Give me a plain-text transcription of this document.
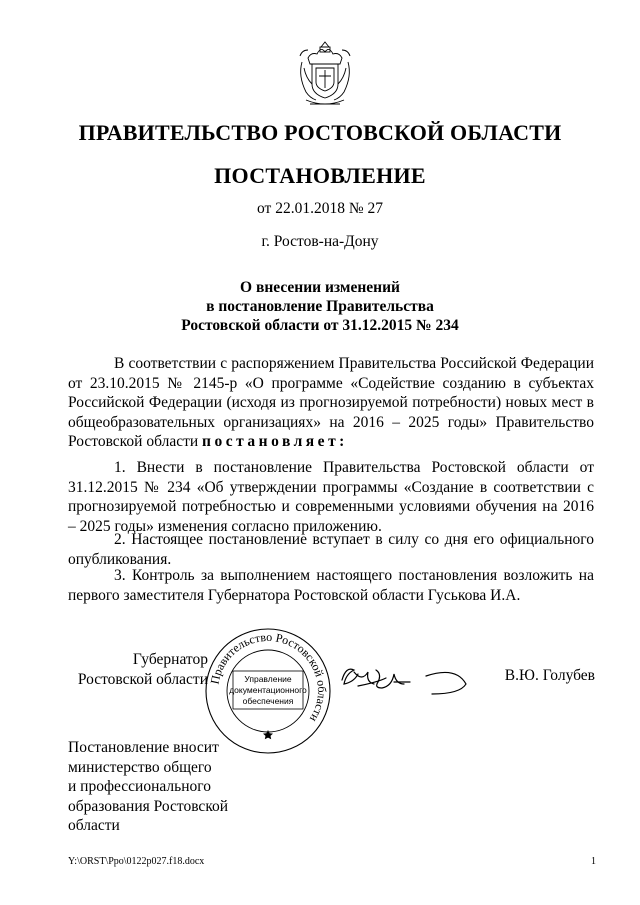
ПРАВИТЕЛЬСТВО РОСТОВСКОЙ ОБЛАСТИ
ПОСТАНОВЛЕНИЕ
от 22.01.2018 № 27
г. Ростов-на-Дону
О внесении изменений
в постановление Правительства
Ростовской области от 31.12.2015 № 234
В соответствии с распоряжением Правительства Российской Федерации от 23.10.2015 № 2145-р «О программе «Содействие созданию в субъектах Российской Федерации (исходя из прогнозируемой потребности) новых мест в общеобразовательных организациях» на 2016 – 2025 годы» Правительство Ростовской области постановляет:
1. Внести в постановление Правительства Ростовской области от 31.12.2015 № 234 «Об утверждении программы «Создание в соответствии с прогнозируемой потребностью и современными условиями обучения на 2016 – 2025 годы» изменения согласно приложению.
2. Настоящее постановление вступает в силу со дня его официального опубликования.
3. Контроль за выполнением настоящего постановления возложить на первого заместителя Губернатора Ростовской области Гуськова И.А.
Губернатор
Ростовской области Правительство Ростовской области
Управление
документационного
обеспечения
В.Ю. Голубев
Постановление вносит
министерство общего
и профессионального
образования Ростовской
области
Y:\ORST\Ppo\0122p027.f18.docx	1
